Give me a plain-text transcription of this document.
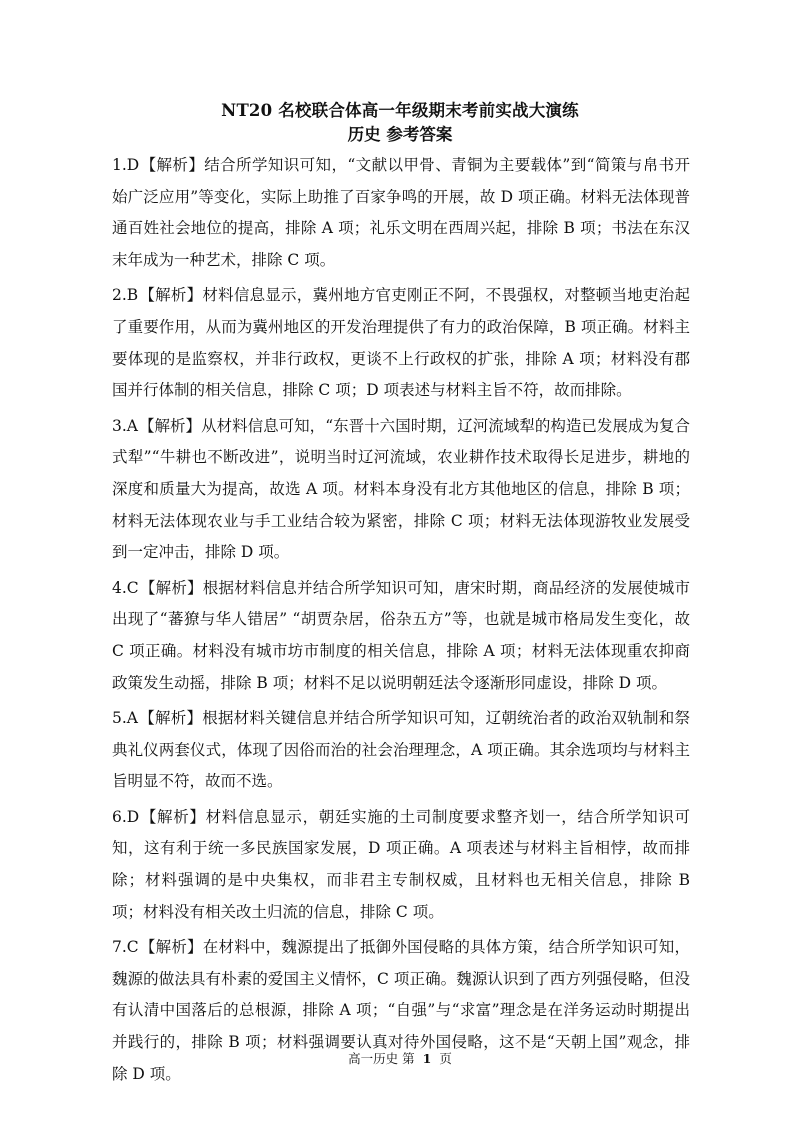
NT20 名校联合体高一年级期末考前实战大演练
历史 参考答案

1.D【解析】结合所学知识可知，“文献以甲骨、青铜为主要载体”到“简策与帛书开始广泛应用”等变化，实际上助推了百家争鸣的开展，故 D 项正确。材料无法体现普通百姓社会地位的提高，排除 A 项；礼乐文明在西周兴起，排除 B 项；书法在东汉末年成为一种艺术，排除 C 项。

2.B【解析】材料信息显示，冀州地方官吏刚正不阿，不畏强权，对整顿当地吏治起了重要作用，从而为冀州地区的开发治理提供了有力的政治保障，B 项正确。材料主要体现的是监察权，并非行政权，更谈不上行政权的扩张，排除 A 项；材料没有郡国并行体制的相关信息，排除 C 项；D 项表述与材料主旨不符，故而排除。

3.A【解析】从材料信息可知，“东晋十六国时期，辽河流域犁的构造已发展成为复合式犁”“牛耕也不断改进”，说明当时辽河流域，农业耕作技术取得长足进步，耕地的深度和质量大为提高，故选 A 项。材料本身没有北方其他地区的信息，排除 B 项；材料无法体现农业与手工业结合较为紧密，排除 C 项；材料无法体现游牧业发展受到一定冲击，排除 D 项。

4.C【解析】根据材料信息并结合所学知识可知，唐宋时期，商品经济的发展使城市出现了“蕃獠与华人错居” “胡贾杂居，俗杂五方”等，也就是城市格局发生变化，故 C 项正确。材料没有城市坊市制度的相关信息，排除 A 项；材料无法体现重农抑商政策发生动摇，排除 B 项；材料不足以说明朝廷法令逐渐形同虚设，排除 D 项。

5.A【解析】根据材料关键信息并结合所学知识可知，辽朝统治者的政治双轨制和祭典礼仪两套仪式，体现了因俗而治的社会治理理念，A 项正确。其余选项均与材料主旨明显不符，故而不选。

6.D【解析】材料信息显示，朝廷实施的土司制度要求整齐划一，结合所学知识可知，这有利于统一多民族国家发展，D 项正确。A 项表述与材料主旨相悖，故而排除；材料强调的是中央集权，而非君主专制权威，且材料也无相关信息，排除 B 项；材料没有相关改土归流的信息，排除 C 项。

7.C【解析】在材料中，魏源提出了抵御外国侵略的具体方策，结合所学知识可知，魏源的做法具有朴素的爱国主义情怀，C 项正确。魏源认识到了西方列强侵略，但没有认清中国落后的总根源，排除 A 项；“自强”与“求富”理念是在洋务运动时期提出并践行的，排除 B 项；材料强调要认真对待外国侵略，这不是“天朝上国”观念，排除 D 项。

高一历史 第 1 页
